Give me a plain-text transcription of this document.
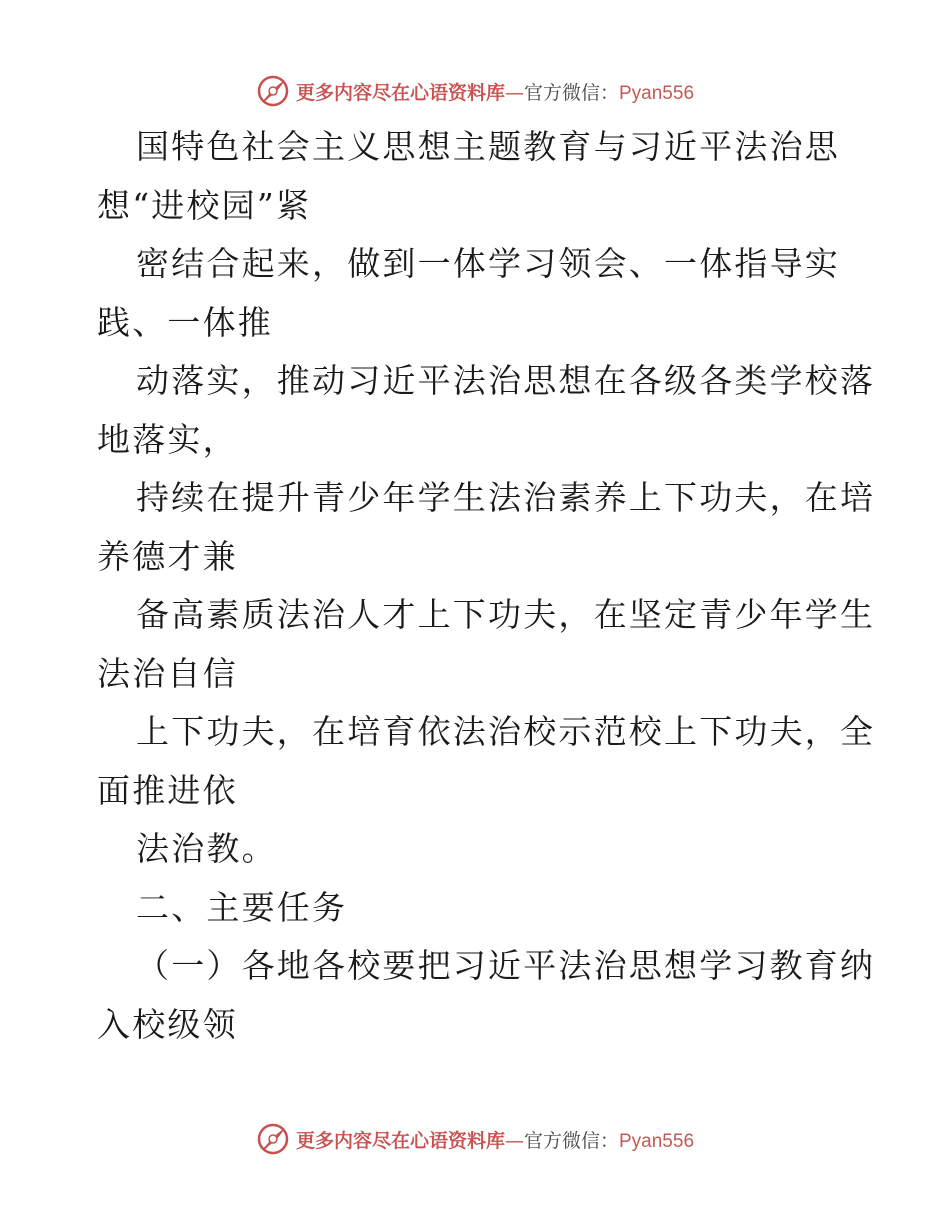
更多内容尽在心语资料库—官方微信：Pyan556
国特色社会主义思想主题教育与习近平法治思
想“进校园”紧
密结合起来，做到一体学习领会、一体指导实
践、一体推
动落实，推动习近平法治思想在各级各类学校落
地落实，
持续在提升青少年学生法治素养上下功夫，在培
养德才兼
备高素质法治人才上下功夫，在坚定青少年学生
法治自信
上下功夫，在培育依法治校示范校上下功夫，全
面推进依
法治教。
二、主要任务
（一）各地各校要把习近平法治思想学习教育纳
入校级领
更多内容尽在心语资料库—官方微信：Pyan556
